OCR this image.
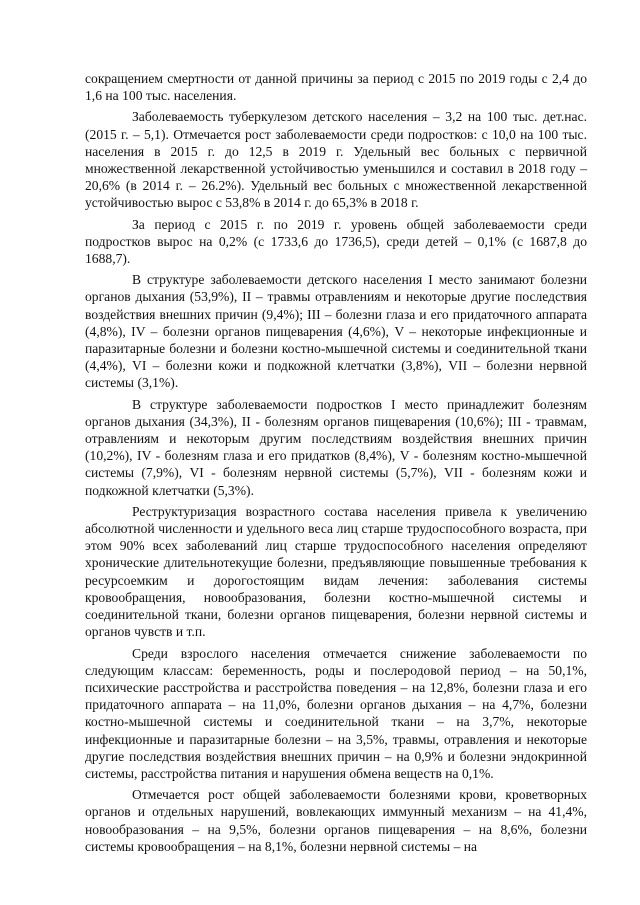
сокращением смертности от данной причины за период с 2015 по 2019 годы с 2,4 до 1,6 на 100 тыс. населения.

Заболеваемость туберкулезом детского населения – 3,2 на 100 тыс. дет.нас. (2015 г. – 5,1). Отмечается рост заболеваемости среди подростков: с 10,0 на 100 тыс. населения в 2015 г. до 12,5 в 2019 г. Удельный вес больных с первичной множественной лекарственной устойчивостью уменьшился и составил в 2018 году – 20,6% (в 2014 г. – 26.2%). Удельный вес больных с множественной лекарственной устойчивостью вырос с 53,8% в 2014 г. до 65,3% в 2018 г.

За период с 2015 г. по 2019 г. уровень общей заболеваемости среди подростков вырос на 0,2% (с 1733,6 до 1736,5), среди детей – 0,1% (с 1687,8 до 1688,7).

В структуре заболеваемости детского населения I место занимают болезни органов дыхания (53,9%), II – травмы отравлениям и некоторые другие последствия воздействия внешних причин (9,4%); III – болезни глаза и его придаточного аппарата (4,8%), IV – болезни органов пищеварения (4,6%), V – некоторые инфекционные и паразитарные болезни и болезни костно-мышечной системы и соединительной ткани (4,4%), VI – болезни кожи и подкожной клетчатки (3,8%), VII – болезни нервной системы (3,1%).

В структуре заболеваемости подростков I место принадлежит болезням органов дыхания (34,3%), II - болезням органов пищеварения (10,6%); III - травмам, отравлениям и некоторым другим последствиям воздействия внешних причин (10,2%), IV - болезням глаза и его придатков (8,4%), V - болезням костно-мышечной системы (7,9%), VI - болезням нервной системы (5,7%), VII - болезням кожи и подкожной клетчатки (5,3%).

Реструктуризация возрастного состава населения привела к увеличению абсолютной численности и удельного веса лиц старше трудоспособного возраста, при этом 90% всех заболеваний лиц старше трудоспособного населения определяют хронические длительнотекущие болезни, предъявляющие повышенные требования к ресурсоемким и дорогостоящим видам лечения: заболевания системы кровообращения, новообразования, болезни костно-мышечной системы и соединительной ткани, болезни органов пищеварения, болезни нервной системы и органов чувств и т.п.

Среди взрослого населения отмечается снижение заболеваемости по следующим классам: беременность, роды и послеродовой период – на 50,1%, психические расстройства и расстройства поведения – на 12,8%, болезни глаза и его придаточного аппарата – на 11,0%, болезни органов дыхания – на 4,7%, болезни костно-мышечной системы и соединительной ткани – на 3,7%, некоторые инфекционные и паразитарные болезни – на 3,5%, травмы, отравления и некоторые другие последствия воздействия внешних причин – на 0,9% и болезни эндокринной системы, расстройства питания и нарушения обмена веществ на 0,1%.

Отмечается рост общей заболеваемости болезнями крови, кроветворных органов и отдельных нарушений, вовлекающих иммунный механизм – на 41,4%, новообразования – на 9,5%, болезни органов пищеварения – на 8,6%, болезни системы кровообращения – на 8,1%, болезни нервной системы – на
